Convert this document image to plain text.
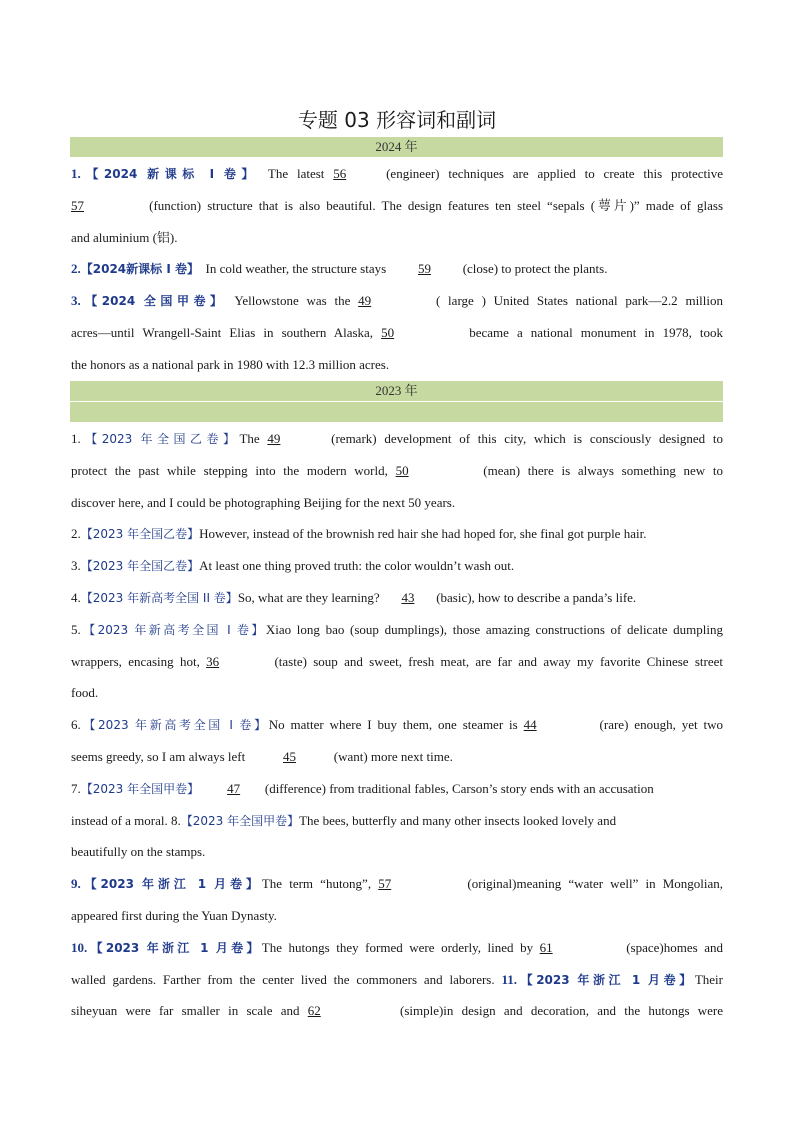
专题 03 形容词和副词
2024 年
1.【2024 新课标 I 卷】 The latest 56	(engineer) techniques are applied to create this protective
57	(function) structure that is also beautiful. The design features ten steel “sepals (萼片)” made of glass
and aluminium (铝).
2.【2024新课标 I 卷】 In cold weather, the structure stays 59 (close) to protect the plants.
3.【2024 全国甲卷】 Yellowstone was the 49	( large ) United States national park—2.2 million
acres—until Wrangell-Saint Elias in southern Alaska, 50	became a national monument in 1978, took
the honors as a national park in 1980 with 12.3 million acres.
2023 年
1.【2023 年全国乙卷】The 49	(remark) development of this city, which is consciously designed to
protect the past while stepping into the modern world, 50	(mean) there is always something new to
discover here, and I could be photographing Beijing for the next 50 years.
2.【2023 年全国乙卷】However, instead of the brownish red hair she had hoped for, she final got purple hair.
3.【2023 年全国乙卷】At least one thing proved truth: the color wouldn’t wash out.
4.【2023 年新高考全国 II 卷】So, what are they learning? 43 (basic), how to describe a panda’s life.
5.【2023 年新高考全国 I 卷】Xiao long bao (soup dumplings), those amazing constructions of delicate dumpling
wrappers, encasing hot, 36	(taste) soup and sweet, fresh meat, are far and away my favorite Chinese street
food.
6.【2023 年新高考全国 I 卷】No matter where I buy them, one steamer is 44	(rare) enough, yet two
seems greedy, so I am always left	45	(want) more next time.
7.【2023 年全国甲卷】 47 (difference) from traditional fables, Carson’s story ends with an accusation
instead of a moral. 8.【2023 年全国甲卷】The bees, butterfly and many other insects looked lovely and
beautifully on the stamps.
9.【2023 年浙江 1 月卷】The term “hutong”, 57	(original)meaning “water well” in Mongolian,
appeared first during the Yuan Dynasty.
10.【2023 年浙江 1 月卷】The hutongs they formed were orderly, lined by 61	(space)homes and
walled gardens. Farther from the center lived the commoners and laborers. 11.【2023 年浙江 1 月卷】Their
siheyuan were far smaller in scale and 62	(simple)in design and decoration, and the hutongs were
